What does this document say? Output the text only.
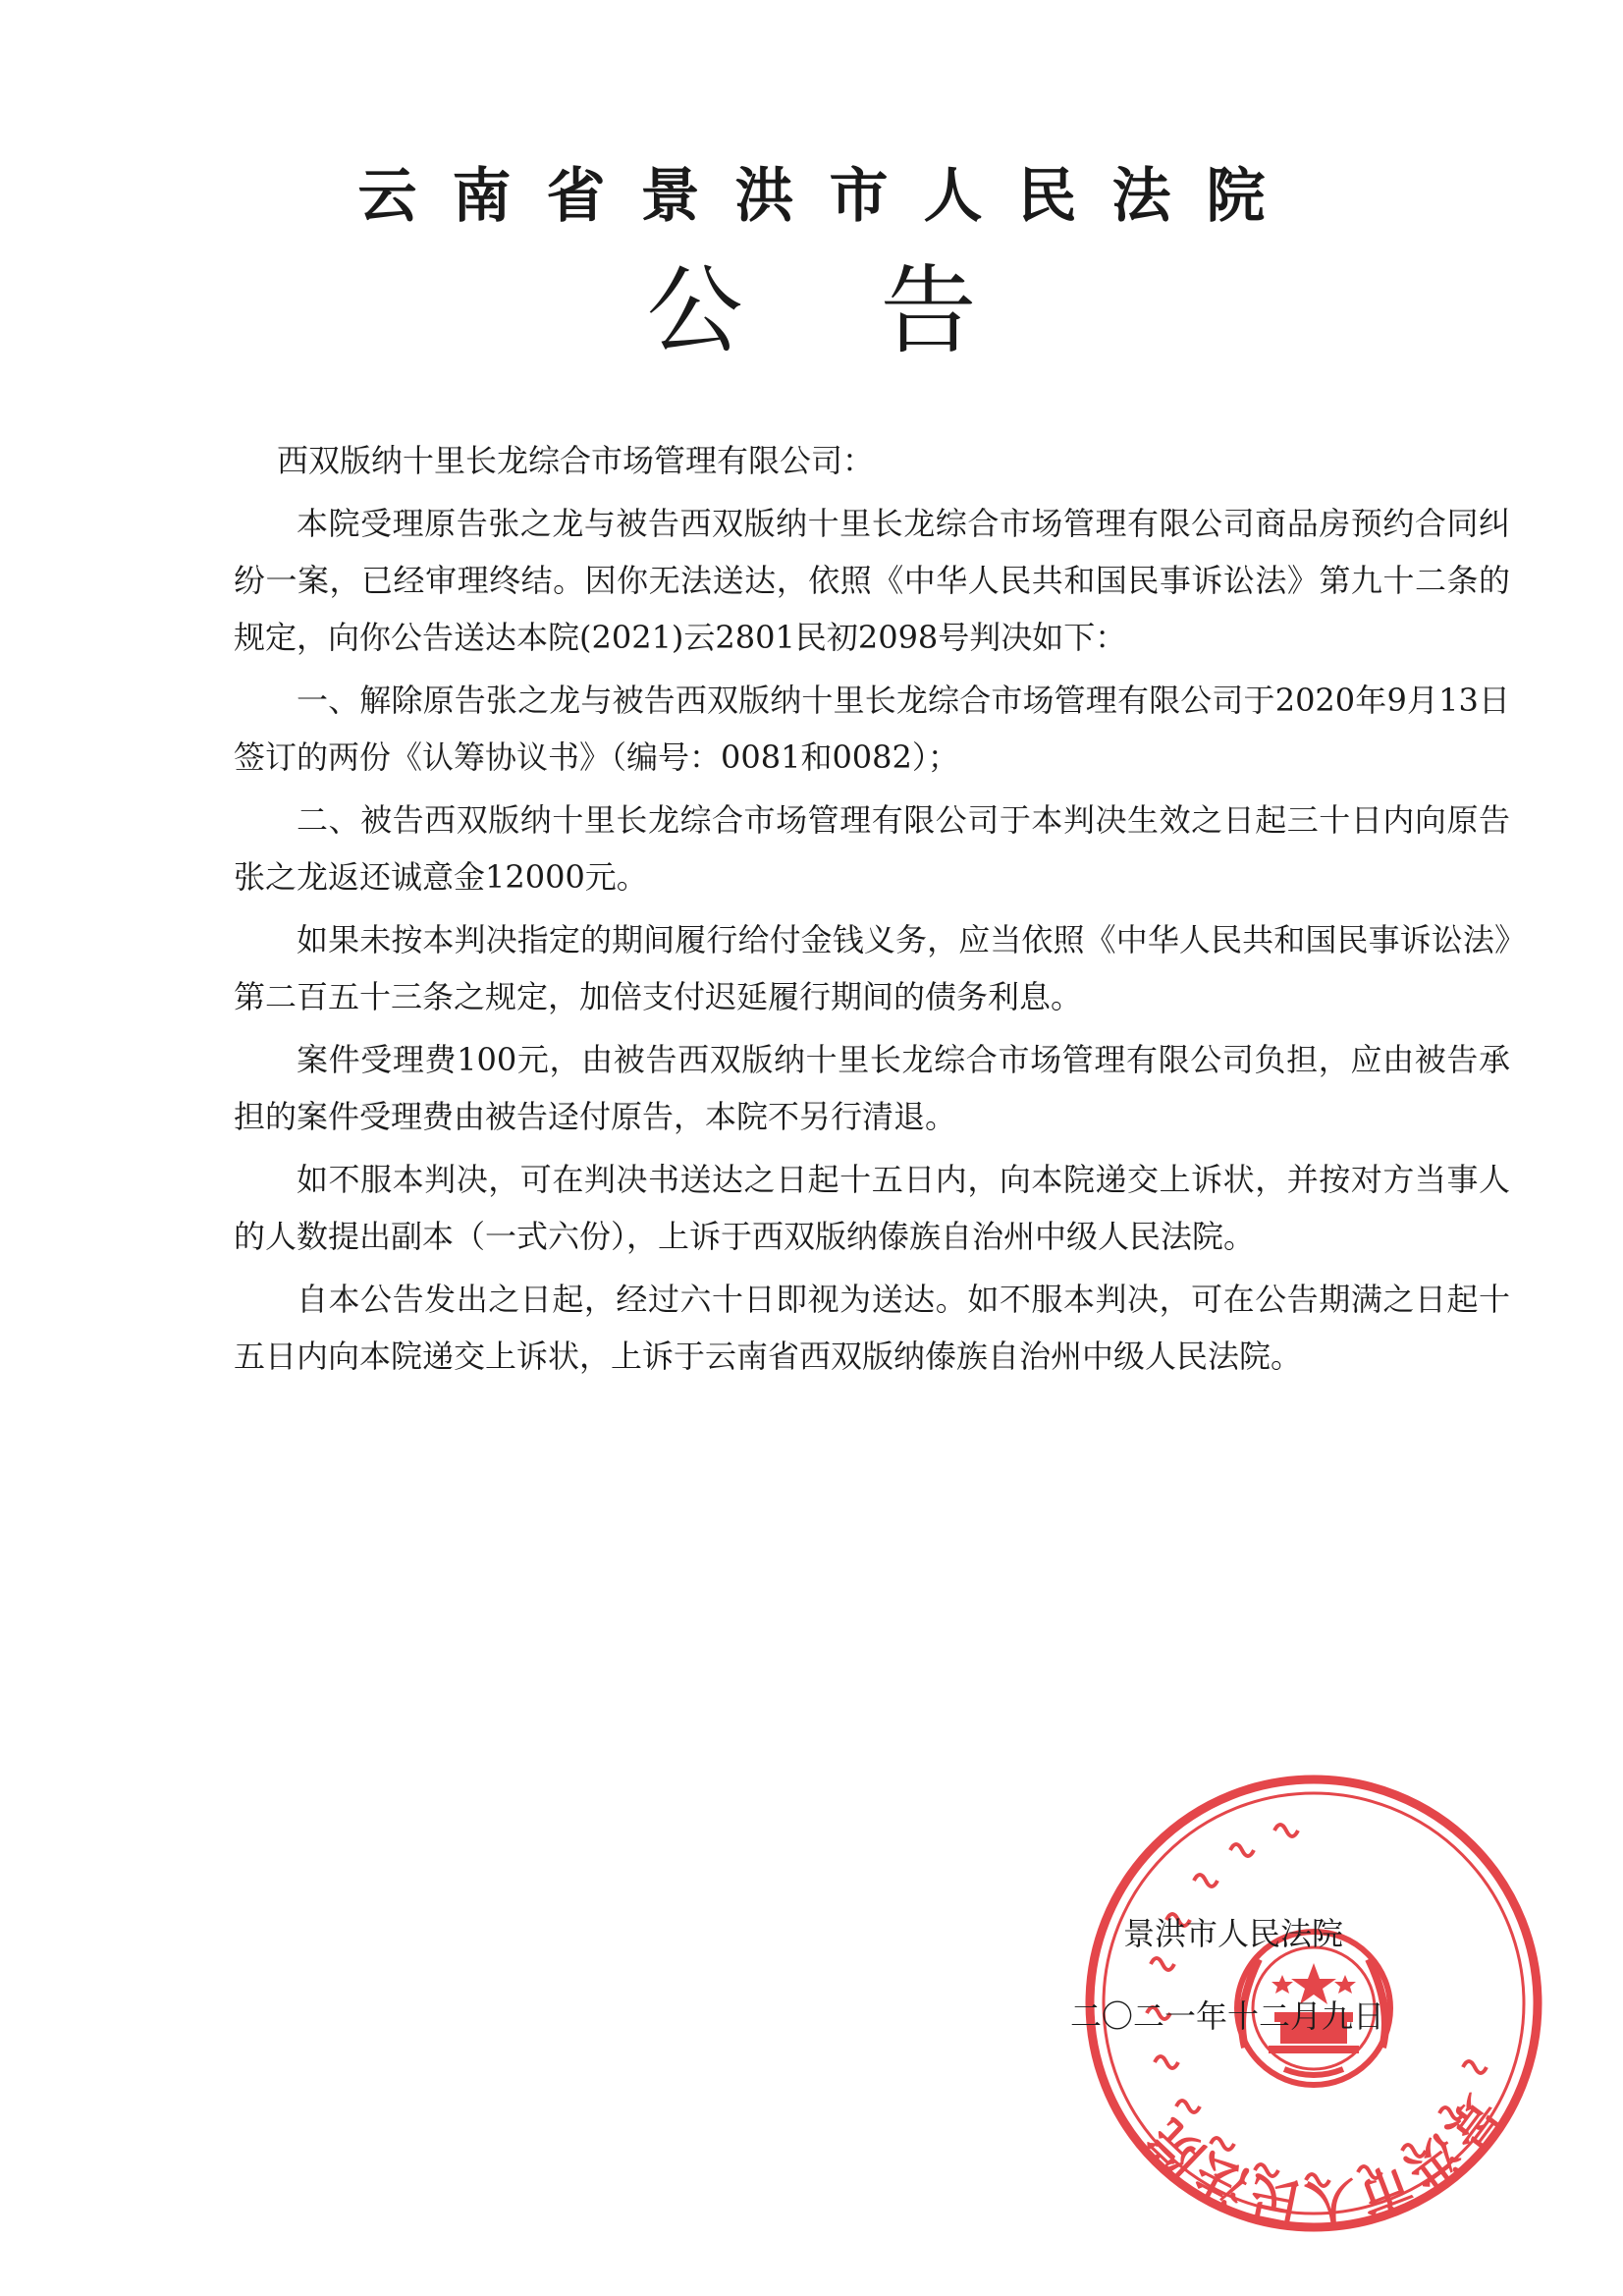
云南省景洪市人民法院
公告

西双版纳十里长龙综合市场管理有限公司：

本院受理原告张之龙与被告西双版纳十里长龙综合市场管理有限公司商品房预约合同纠纷一案，已经审理终结。因你无法送达，依照《中华人民共和国民事诉讼法》第九十二条的规定，向你公告送达本院(2021)云2801民初2098号判决如下：

一、解除原告张之龙与被告西双版纳十里长龙综合市场管理有限公司于2020年9月13日签订的两份《认筹协议书》（编号：0081和0082）；

二、被告西双版纳十里长龙综合市场管理有限公司于本判决生效之日起三十日内向原告张之龙返还诚意金12000元。

如果未按本判决指定的期间履行给付金钱义务，应当依照《中华人民共和国民事诉讼法》第二百五十三条之规定，加倍支付迟延履行期间的债务利息。

案件受理费100元，由被告西双版纳十里长龙综合市场管理有限公司负担，应由被告承担的案件受理费由被告迳付原告，本院不另行清退。

如不服本判决，可在判决书送达之日起十五日内，向本院递交上诉状，并按对方当事人的人数提出副本（一式六份），上诉于西双版纳傣族自治州中级人民法院。

自本公告发出之日起，经过六十日即视为送达。如不服本判决，可在公告期满之日起十五日内向本院递交上诉状，上诉于云南省西双版纳傣族自治州中级人民法院。

景洪市人民法院
景洪市人民法院
二〇二一年十二月九日
